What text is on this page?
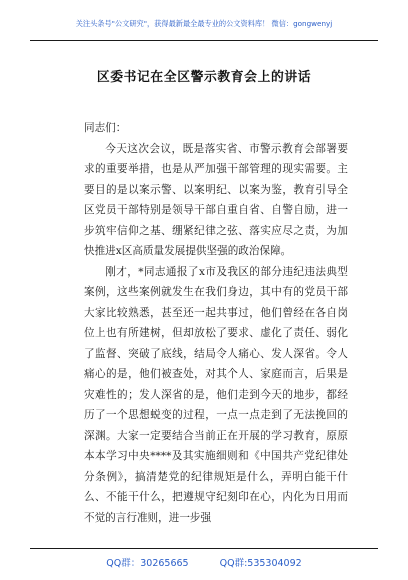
关注头条号"公文研究"，获得最新最全最专业的公文资料库！ 微信：gongwenyj
区委书记在全区警示教育会上的讲话

同志们：

今天这次会议，既是落实省、市警示教育会部署要求的重要举措，也是从严加强干部管理的现实需要。主要目的是以案示警、以案明纪、以案为鉴，教育引导全区党员干部特别是领导干部自重自省、自警自励，进一步筑牢信仰之基、绷紧纪律之弦、落实应尽之责，为加快推进x区高质量发展提供坚强的政治保障。

刚才，*同志通报了x市及我区的部分违纪违法典型案例，这些案例就发生在我们身边，其中有的党员干部大家比较熟悉，甚至还一起共事过，他们曾经在各自岗位上也有所建树，但却放松了要求、虚化了责任、弱化了监督、突破了底线，结局令人痛心、发人深省。令人痛心的是，他们被查处，对其个人、家庭而言，后果是灾难性的；发人深省的是，他们走到今天的地步，都经历了一个思想蜕变的过程，一点一点走到了无法挽回的深渊。大家一定要结合当前正在开展的学习教育，原原本本学习中央****及其实施细则和《中国共产党纪律处分条例》，搞清楚党的纪律规矩是什么，弄明白能干什么、不能干什么，把遵规守纪刻印在心，内化为日用而不觉的言行准则，进一步强

QQ群：30265665	QQ群:535304092
